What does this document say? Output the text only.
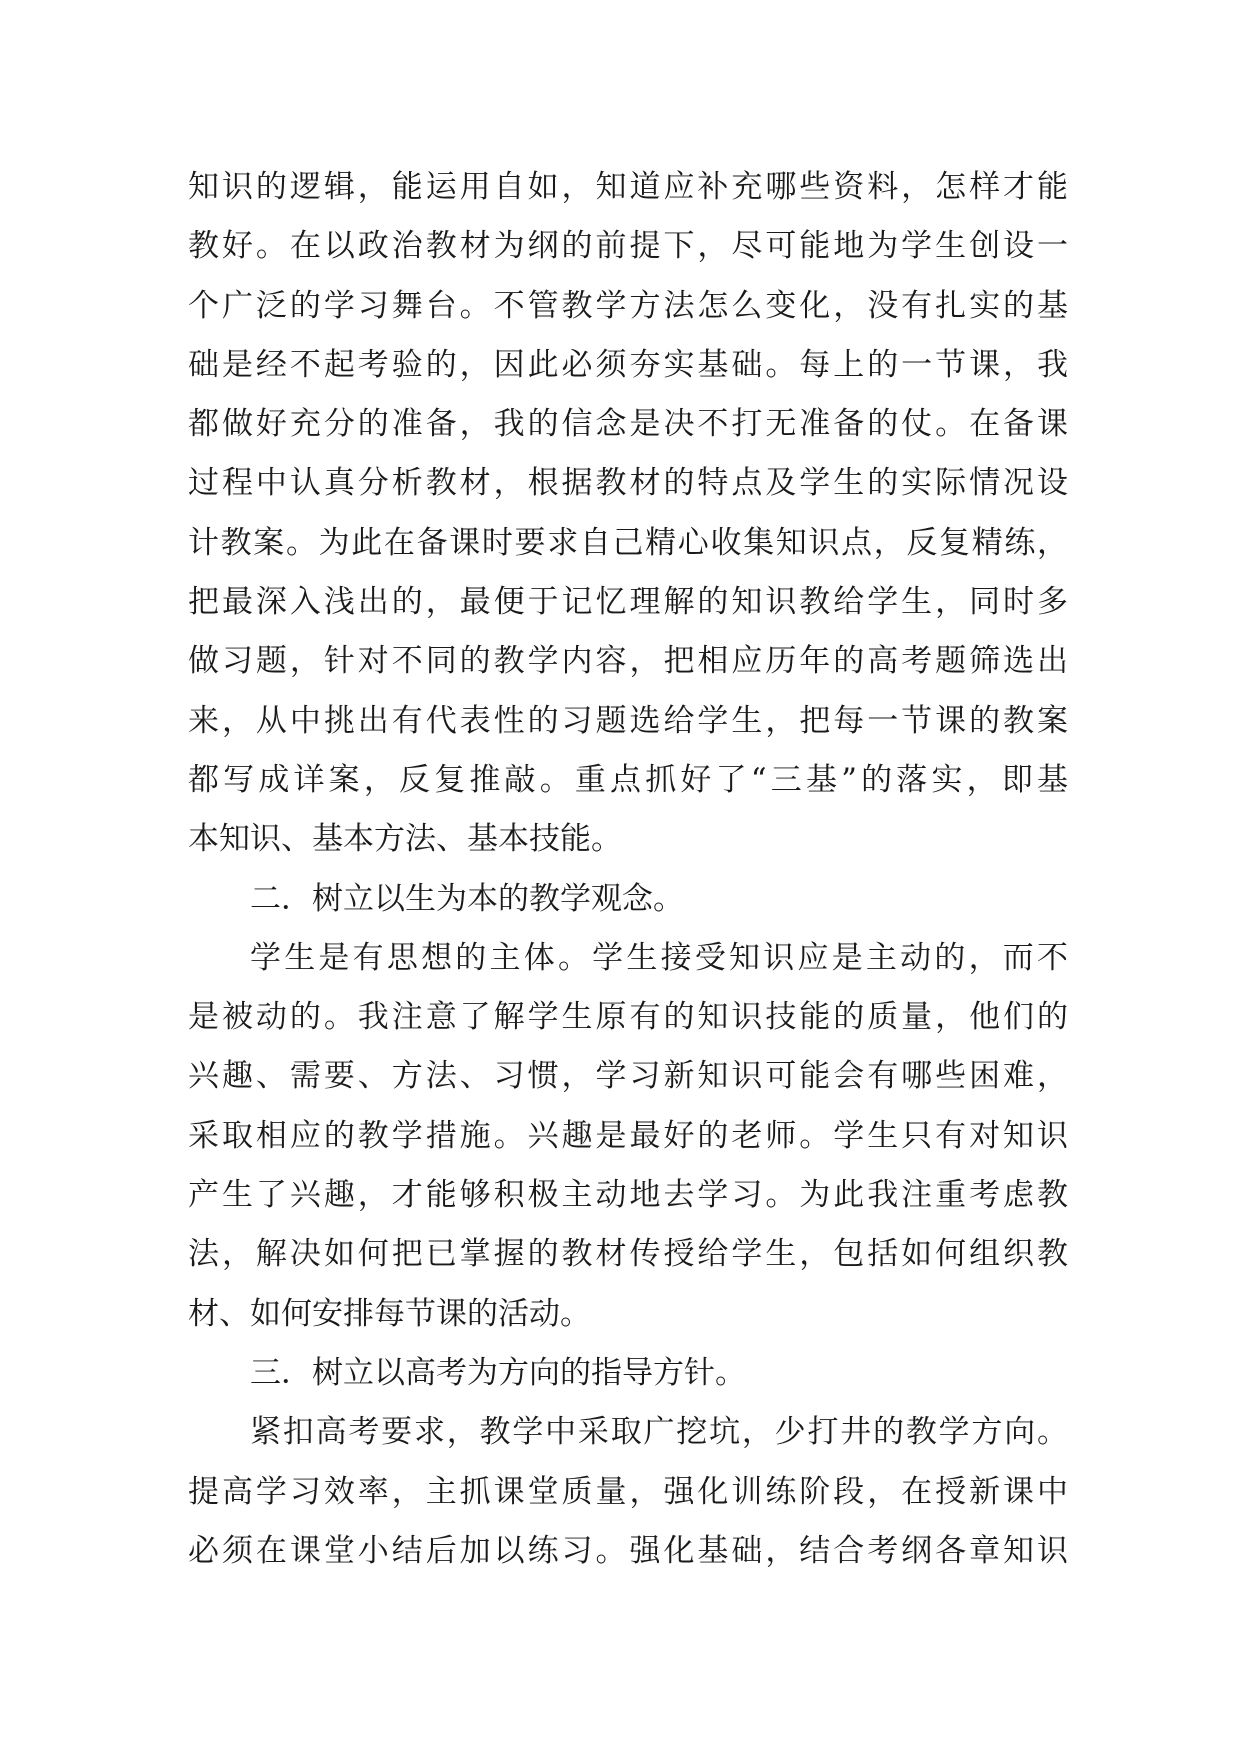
知识的逻辑，能运用自如，知道应补充哪些资料，怎样才能
教好。在以政治教材为纲的前提下，尽可能地为学生创设一
个广泛的学习舞台。不管教学方法怎么变化，没有扎实的基
础是经不起考验的，因此必须夯实基础。每上的一节课，我
都做好充分的准备，我的信念是决不打无准备的仗。在备课
过程中认真分析教材，根据教材的特点及学生的实际情况设
计教案。为此在备课时要求自己精心收集知识点，反复精练，
把最深入浅出的，最便于记忆理解的知识教给学生，同时多
做习题，针对不同的教学内容，把相应历年的高考题筛选出
来，从中挑出有代表性的习题选给学生，把每一节课的教案
都写成详案，反复推敲。重点抓好了“三基”的落实，即基
本知识、基本方法、基本技能。
二．树立以生为本的教学观念。
学生是有思想的主体。学生接受知识应是主动的，而不
是被动的。我注意了解学生原有的知识技能的质量，他们的
兴趣、需要、方法、习惯，学习新知识可能会有哪些困难，
采取相应的教学措施。兴趣是最好的老师。学生只有对知识
产生了兴趣，才能够积极主动地去学习。为此我注重考虑教
法，解决如何把已掌握的教材传授给学生，包括如何组织教
材、如何安排每节课的活动。
三．树立以高考为方向的指导方针。
紧扣高考要求，教学中采取广挖坑，少打井的教学方向。
提高学习效率，主抓课堂质量，强化训练阶段，在授新课中
必须在课堂小结后加以练习。强化基础，结合考纲各章知识
